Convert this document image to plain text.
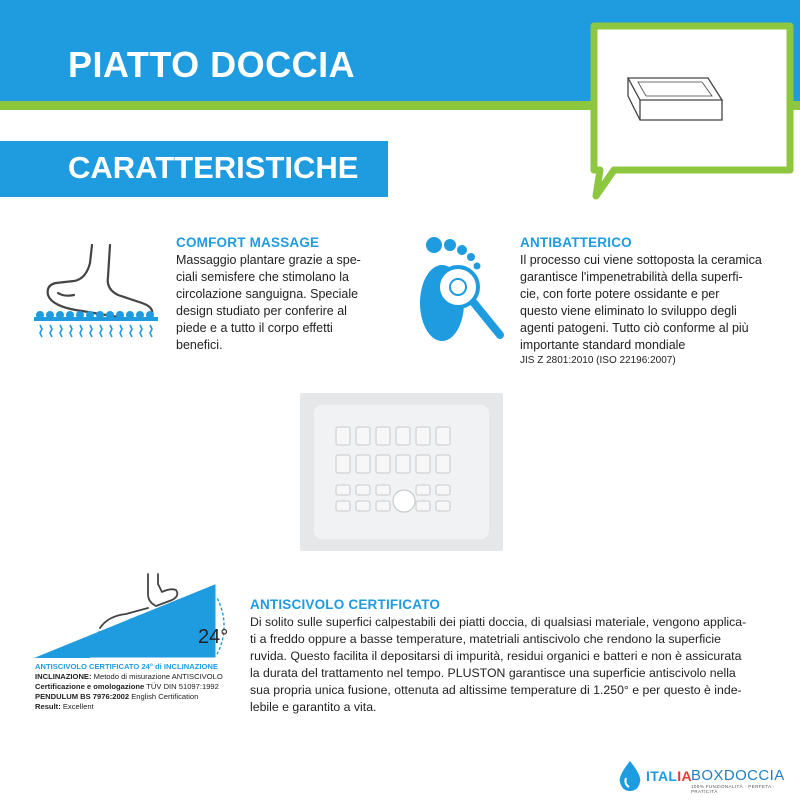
PIATTO DOCCIA
CARATTERISTICHE
COMFORT MASSAGE
Massaggio plantare grazie a spe-
ciali semisfere che stimolano la
circolazione sanguigna. Speciale
design studiato per conferire al
piede e a tutto il corpo effetti
benefici.
ANTIBATTERICO
Il processo cui viene sottoposta la ceramica
garantisce l'impenetrabilità della superfi-
cie, con forte potere ossidante e per
questo viene eliminato lo sviluppo degli
agenti patogeni. Tutto ciò conforme al più
importante standard mondiale
JIS Z 2801:2010 (ISO 22196:2007)
24°
ANTISCIVOLO CERTIFICATO 24° di INCLINAZIONE
INCLINAZIONE: Metodo di misurazione ANTISCIVOLO
Certificazione e omologazione TÜV DIN 51097:1992
PENDULUM BS 7976:2002 English Certification
Result: Excellent
ANTISCIVOLO CERTIFICATO
Di solito sulle superfici calpestabili dei piatti doccia, di qualsiasi materiale, vengono applica-
ti a freddo oppure a basse temperature, matetriali antiscivolo che rendono la superficie
ruvida. Questo facilita il depositarsi di impurità, residui organici e batteri e non è assicurata
la durata del trattamento nel tempo. PLUSTON garantisce una superficie antiscivolo nella
sua propria unica fusione, ottenuta ad altissime temperature di 1.250° e per questo è inde-
lebile e garantito a vita.
ITALIA BOXDOCCIA
100% FUNZIONALITÀ · PERFETA · PRATICITÀ
